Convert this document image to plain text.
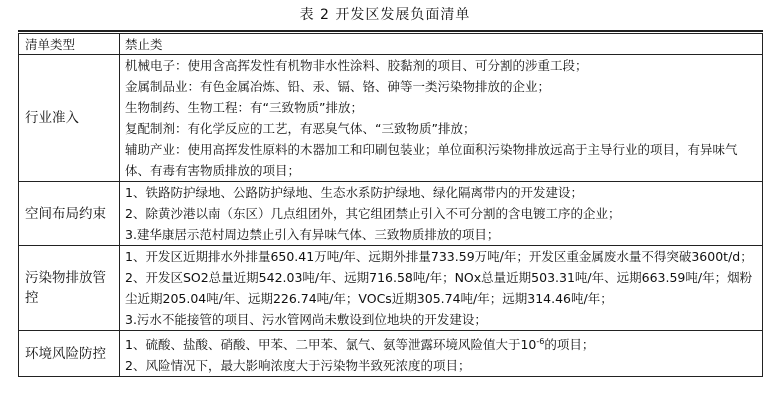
表 2 开发区发展负面清单
清单类型	禁止类
行业准入	机械电子：使用含高挥发性有机物非水性涂料、胶黏剂的项目、可分割的涉重工段；
金属制品业：有色金属冶炼、铅、汞、镉、铬、砷等一类污染物排放的企业；
生物制药、生物工程：有“三致物质”排放；
复配制剂：有化学反应的工艺，有恶臭气体、“三致物质”排放；
辅助产业：使用高挥发性原料的木器加工和印刷包装业；单位面积污染物排放远高于主导行业的项目，有异味气体、有毒有害物质排放的项目；

空间布局约束	1、铁路防护绿地、公路防护绿地、生态水系防护绿地、绿化隔离带内的开发建设；
2、除黄沙港以南（东区）几点组团外，其它组团禁止引入不可分割的含电镀工序的企业；
3.建华康居示范村周边禁止引入有异味气体、三致物质排放的项目；

污染物排放管控	1、开发区近期排水外排量650.41万吨/年、远期外排量733.59万吨/年；开发区重金属废水量不得突破3600t/d；
2、开发区SO2总量近期542.03吨/年、远期716.58吨/年；NOx总量近期503.31吨/年、远期663.59吨/年；烟粉尘近期205.04吨/年、远期226.74吨/年；VOCs近期305.74吨/年；远期314.46吨/年；
3.污水不能接管的项目、污水管网尚未敷设到位地块的开发建设；

环境风险防控	1、硫酸、盐酸、硝酸、甲苯、二甲苯、氯气、氨等泄露环境风险值大于$10^{-6}$的项目；
2、风险情况下，最大影响浓度大于污染物半致死浓度的项目；
